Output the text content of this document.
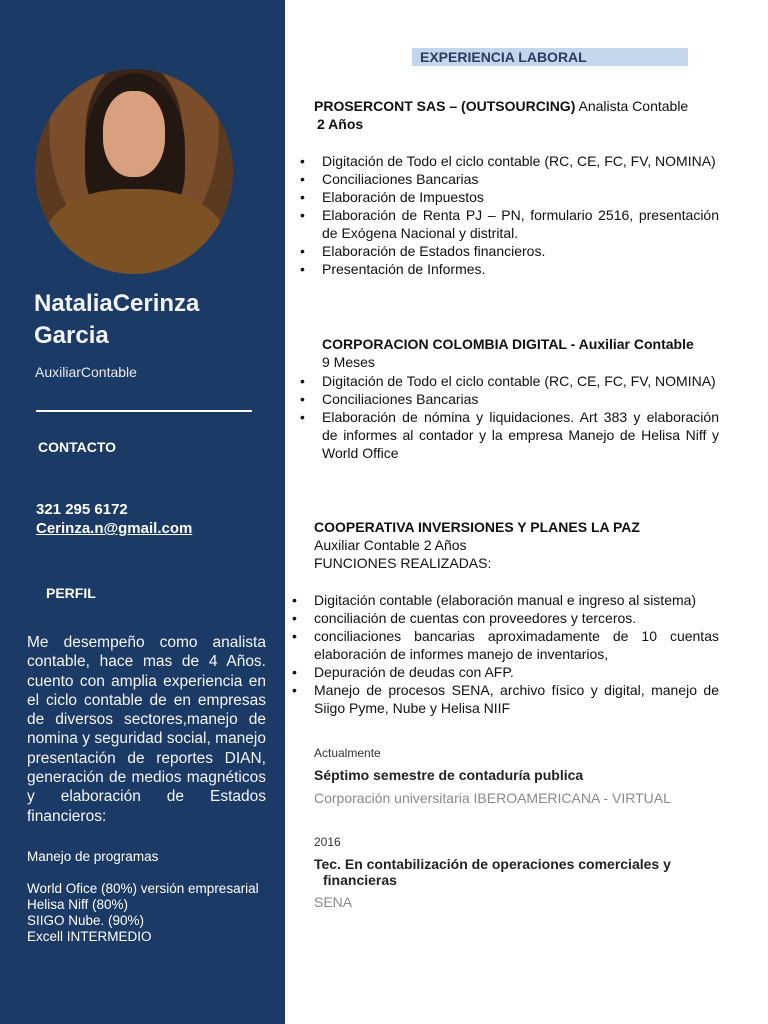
NataliaCerinza
Garcia
AuxiliarContable
CONTACTO
321 295 6172
Cerinza.n@gmail.com
PERFIL
Me desempeño como analista contable, hace mas de 4 Años. cuento con amplia experiencia en el ciclo contable de en empresas de diversos sectores,manejo de nomina y seguridad social, manejo presentación de reportes DIAN, generación de medios magnéticos y elaboración de Estados financieros:
Manejo de programas
World Ofice (80%) versión empresarial
Helisa Niff (80%)
SIIGO Nube. (90%)
Excell INTERMEDIO
EXPERIENCIA LABORAL
PROSERCONT SAS – (OUTSOURCING) Analista Contable
2 Años
• Digitación de Todo el ciclo contable (RC, CE, FC, FV, NOMINA)
• Conciliaciones Bancarias
• Elaboración de Impuestos
• Elaboración de Renta PJ – PN, formulario 2516, presentación de Exógena Nacional y distrital.
• Elaboración de Estados financieros.
• Presentación de Informes.
CORPORACION COLOMBIA DIGITAL - Auxiliar Contable
9 Meses
• Digitación de Todo el ciclo contable (RC, CE, FC, FV, NOMINA)
• Conciliaciones Bancarias
• Elaboración de nómina y liquidaciones. Art 383 y elaboración de informes al contador y la empresa Manejo de Helisa Niff y World Office
COOPERATIVA INVERSIONES Y PLANES LA PAZ
Auxiliar Contable 2 Años
FUNCIONES REALIZADAS:
• Digitación contable (elaboración manual e ingreso al sistema)
• conciliación de cuentas con proveedores y terceros.
• conciliaciones bancarias aproximadamente de 10 cuentas elaboración de informes manejo de inventarios,
• Depuración de deudas con AFP.
• Manejo de procesos SENA, archivo físico y digital, manejo de Siigo Pyme, Nube y Helisa NIIF
Actualmente
Séptimo semestre de contaduría publica
Corporación universitaria IBEROAMERICANA - VIRTUAL
2016
Tec. En contabilización de operaciones comerciales y
financieras
SENA
